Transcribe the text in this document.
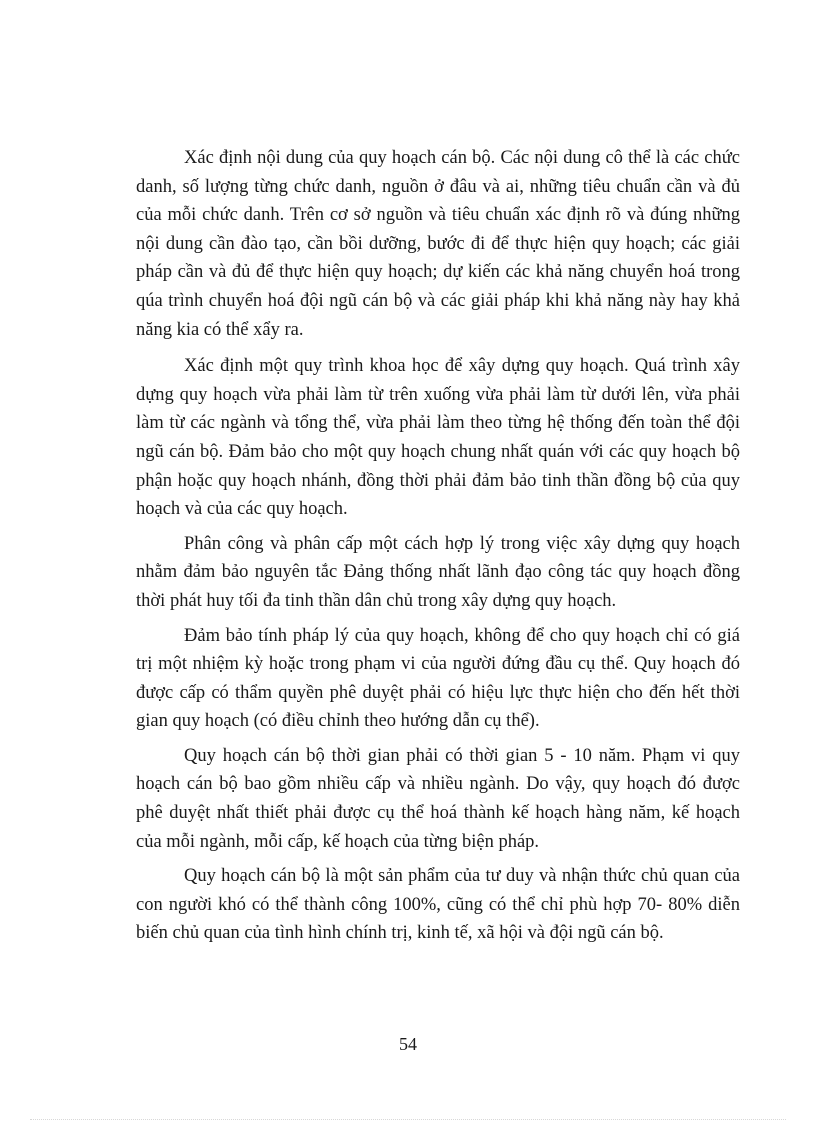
Xác định nội dung của quy hoạch cán bộ. Các nội dung cô thể là các chức danh, số lượng từng chức danh, nguồn ở đâu và ai, những tiêu chuẩn cần và đủ của mỗi chức danh. Trên cơ sở nguồn và tiêu chuẩn xác định rõ và đúng những nội dung cần đào tạo, cần bồi dưỡng, bước đi để thực hiện quy hoạch; các giải pháp cần và đủ để thực hiện quy hoạch; dự kiến các khả năng chuyển hoá trong qúa trình chuyển hoá đội ngũ cán bộ và các giải pháp khi khả năng này hay khả năng kia có thể xẩy ra.

Xác định một quy trình khoa học để xây dựng quy hoạch. Quá trình xây dựng quy hoạch vừa phải làm từ trên xuống vừa phải làm từ dưới lên, vừa phải làm từ các ngành và tổng thể, vừa phải làm theo từng hệ thống đến toàn thể đội ngũ cán bộ. Đảm bảo cho một quy hoạch chung nhất quán với các quy hoạch bộ phận hoặc quy hoạch nhánh, đồng thời phải đảm bảo tinh thần đồng bộ của quy hoạch và của các quy hoạch.

Phân công và phân cấp một cách hợp lý trong việc xây dựng quy hoạch nhằm đảm bảo nguyên tắc Đảng thống nhất lãnh đạo công tác quy hoạch đồng thời phát huy tối đa tinh thần dân chủ trong xây dựng quy hoạch.

Đảm bảo tính pháp lý của quy hoạch, không để cho quy hoạch chỉ có giá trị một nhiệm kỳ hoặc trong phạm vi của người đứng đầu cụ thể. Quy hoạch đó được cấp có thẩm quyền phê duyệt phải có hiệu lực thực hiện cho đến hết thời gian quy hoạch (có điều chỉnh theo hướng dẫn cụ thể).

Quy hoạch cán bộ thời gian phải có thời gian 5 - 10 năm. Phạm vi quy hoạch cán bộ bao gồm nhiều cấp và nhiều ngành. Do vậy, quy hoạch đó được phê duyệt nhất thiết phải được cụ thể hoá thành kế hoạch hàng năm, kế hoạch của mỗi ngành, mỗi cấp, kế hoạch của từng biện pháp.

Quy hoạch cán bộ là một sản phẩm của tư duy và nhận thức chủ quan của con người khó có thể thành công 100%, cũng có thể chỉ phù hợp 70- 80% diễn biến chủ quan của tình hình chính trị, kinh tế, xã hội và đội ngũ cán bộ.

54
